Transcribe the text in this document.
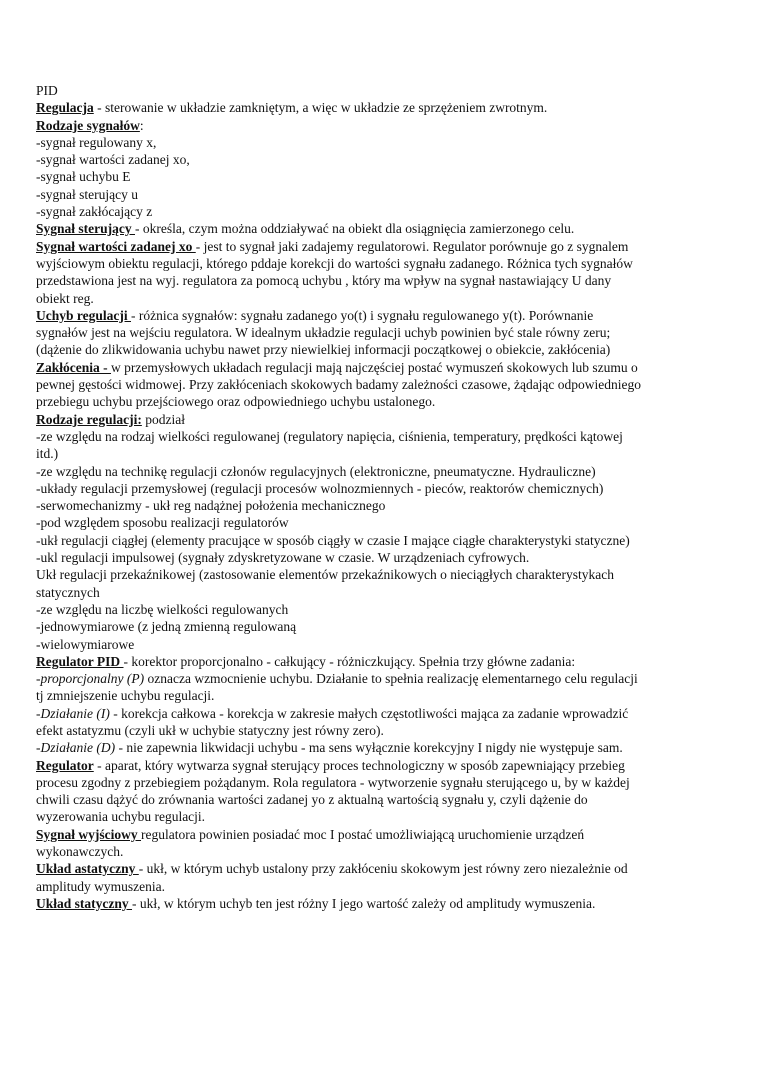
PID
Regulacja - sterowanie w układzie zamkniętym, a więc w układzie ze sprzężeniem zwrotnym.
Rodzaje sygnałów:
-sygnał regulowany x,
-sygnał wartości zadanej xo,
-sygnał uchybu E
-sygnał sterujący u
-sygnał zakłócający z
Sygnał sterujący - określa, czym można oddziaływać na obiekt dla osiągnięcia zamierzonego celu.
Sygnał wartości zadanej xo - jest to sygnał jaki zadajemy regulatorowi. Regulator porównuje go z sygnalem
wyjściowym obiektu regulacji, którego pddaje korekcji do wartości sygnału zadanego. Różnica tych sygnałów
przedstawiona jest na wyj. regulatora za pomocą uchybu , który ma wpływ na sygnał nastawiający U dany
obiekt reg.
Uchyb regulacji - różnica sygnałów: sygnału zadanego yo(t) i sygnału regulowanego y(t). Porównanie
sygnałów jest na wejściu regulatora. W idealnym układzie regulacji uchyb powinien być stale równy zeru;
(dążenie do zlikwidowania uchybu nawet przy niewielkiej informacji początkowej o obiekcie, zakłócenia)
Zakłócenia - w przemysłowych układach regulacji mają najczęściej postać wymuszeń skokowych lub szumu o
pewnej gęstości widmowej. Przy zakłóceniach skokowych badamy zależności czasowe, żądając odpowiedniego
przebiegu uchybu przejściowego oraz odpowiedniego uchybu ustalonego.
Rodzaje regulacji: podział
-ze względu na rodzaj wielkości regulowanej (regulatory napięcia, ciśnienia, temperatury, prędkości kątowej
itd.)
-ze względu na technikę regulacji członów regulacyjnych (elektroniczne, pneumatyczne. Hydrauliczne)
-układy regulacji przemysłowej (regulacji procesów wolnozmiennych - pieców, reaktorów chemicznych)
-serwomechanizmy - ukł reg nadążnej położenia mechanicznego
-pod względem sposobu realizacji regulatorów
-ukł regulacji ciągłej (elementy pracujące w sposób ciągły w czasie I mające ciągłe charakterystyki statyczne)
-ukl regulacji impulsowej (sygnały zdyskretyzowane w czasie. W urządzeniach cyfrowych.
Ukł regulacji przekaźnikowej (zastosowanie elementów przekaźnikowych o nieciągłych charakterystykach
statycznych
-ze względu na liczbę wielkości regulowanych
-jednowymiarowe (z jedną zmienną regulowaną
-wielowymiarowe
Regulator PID - korektor proporcjonalno - całkujący - różniczkujący. Spełnia trzy główne zadania:
-proporcjonalny (P) oznacza wzmocnienie uchybu. Działanie to spełnia realizację elementarnego celu regulacji
tj zmniejszenie uchybu regulacji.
-Działanie (I) - korekcja całkowa - korekcja w zakresie małych częstotliwości mająca za zadanie wprowadzić
efekt astatyzmu (czyli ukł w uchybie statyczny jest równy zero).
-Działanie (D) - nie zapewnia likwidacji uchybu - ma sens wyłącznie korekcyjny I nigdy nie występuje sam.
Regulator - aparat, który wytwarza sygnał sterujący proces technologiczny w sposób zapewniający przebieg
procesu zgodny z przebiegiem pożądanym. Rola regulatora - wytworzenie sygnału sterującego u, by w każdej
chwili czasu dążyć do zrównania wartości zadanej yo z aktualną wartością sygnału y, czyli dążenie do
wyzerowania uchybu regulacji.
Sygnał wyjściowy regulatora powinien posiadać moc I postać umożliwiającą uruchomienie urządzeń
wykonawczych.
Układ astatyczny - ukł, w którym uchyb ustalony przy zakłóceniu skokowym jest równy zero niezależnie od
amplitudy wymuszenia.
Układ statyczny - ukł, w którym uchyb ten jest różny I jego wartość zależy od amplitudy wymuszenia.
